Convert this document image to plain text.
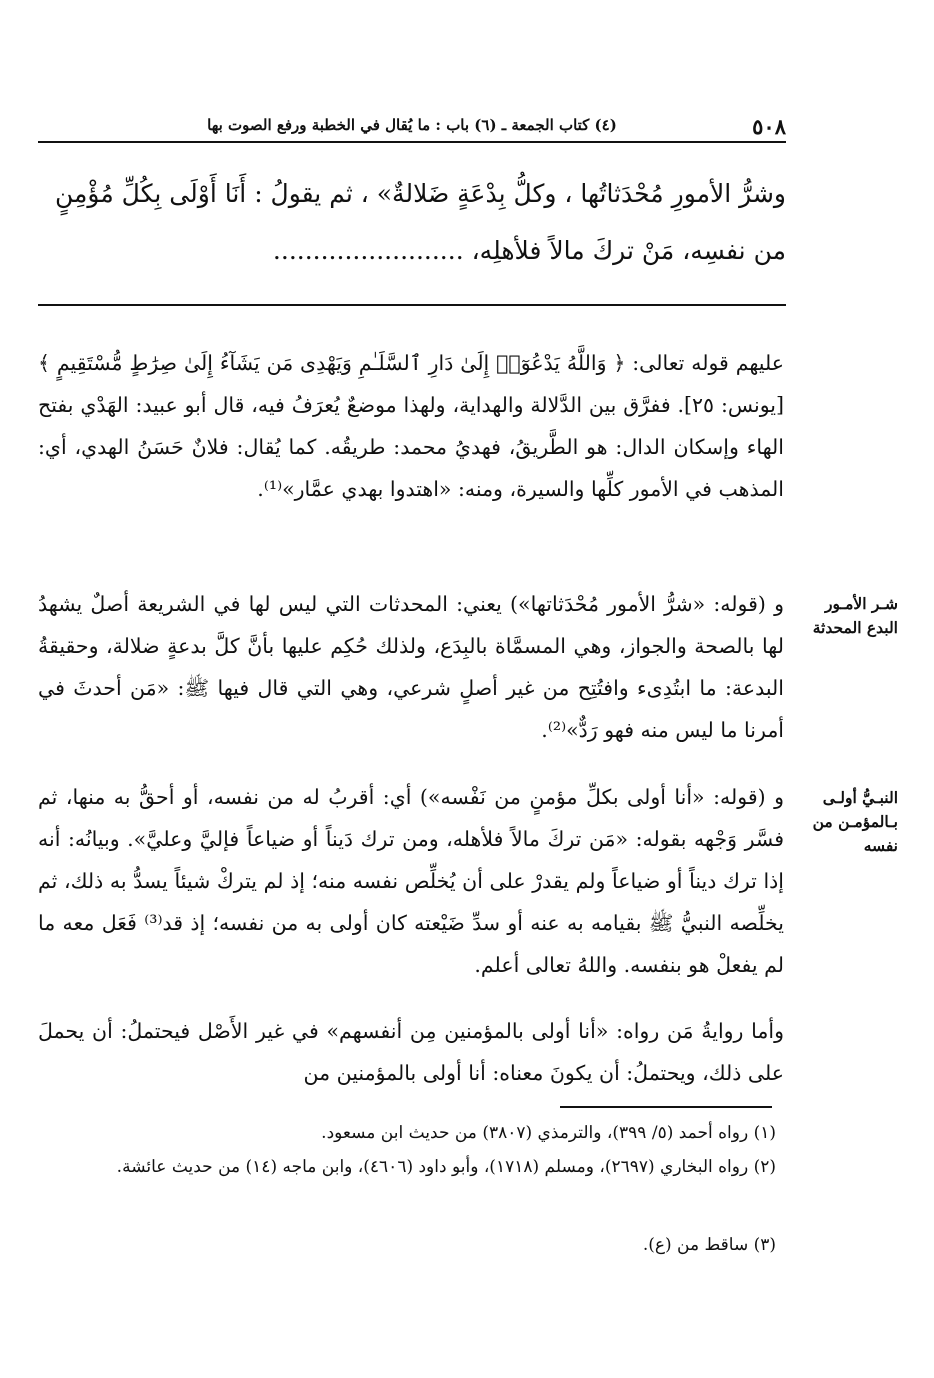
٥٠٨
(٤) كتاب الجمعة ـ (٦) باب : ما يُقال في الخطبة ورفع الصوت بها

وشرُّ الأمورِ مُحْدَثاتُها ، وكلُّ بِدْعَةٍ ضَلالةٌ» ، ثم يقولُ : أَنَا أَوْلَى بِكُلِّ مُؤْمِنٍ

من نفسِه، مَنْ تركَ مالاً فلأهلِه، ........................

عليهم قوله تعالى: ﴿ وَاللَّهُ يَدْعُوٓا۟ إِلَىٰ دَارِ ٱلسَّلَـٰمِ وَيَهْدِى مَن يَشَآءُ إِلَىٰ صِرَٰطٍ مُّسْتَقِيمٍ ﴾ [يونس: ٢٥]. ففرَّق بين الدَّلالة والهداية، ولهذا موضعٌ يُعرَفُ فيه، قال أبو عبيد: الهَدْي بفتح الهاء وإسكان الدال: هو الطَّريقُ، فهديُ محمد: طريقُه. كما يُقال: فلانٌ حَسَنُ الهدي، أي: المذهب في الأمور كلِّها والسيرة، ومنه: «اهتدوا بهدي عمَّار»⁽¹⁾.

شـر الأمـور البدع المحدثة

و (قوله: «شرُّ الأمور مُحْدَثاتها») يعني: المحدثات التي ليس لها في الشريعة أصلٌ يشهدُ لها بالصحة والجواز، وهي المسمَّاة بالبِدَع، ولذلك حُكِم عليها بأنَّ كلَّ بدعةٍ ضلالة، وحقيقةُ البدعة: ما ابتُدِىء وافتُتِح من غير أصلٍ شرعي، وهي التي قال فيها ﷺ: «مَن أحدثَ في أمرنا ما ليس منه فهو رَدٌّ»⁽²⁾.

النبـيُّ أولـى بـالمؤمـن من نفسه

و (قوله: «أنا أولى بكلِّ مؤمنٍ من نَفْسه») أي: أقربُ له من نفسه، أو أحقُّ به منها، ثم فسَّر وَجْهه بقوله: «مَن تركَ مالاً فلأهله، ومن ترك دَيناً أو ضياعاً فإليَّ وعليَّ». وبيانُه: أنه إذا ترك ديناً أو ضياعاً ولم يقدرْ على أن يُخلِّص نفسه منه؛ إذ لم يتركْ شيئاً يسدُّ به ذلك، ثم يخلِّصه النبيُّ ﷺ بقيامه به عنه أو سدِّ ضَيْعته كان أولى به من نفسه؛ إذ قد⁽³⁾ فَعَل معه ما لم يفعلْ هو بنفسه. واللهُ تعالى أعلم.

وأما روايةُ مَن رواه: «أنا أولى بالمؤمنين مِن أنفسهم» في غير الأَصْل فيحتملُ: أن يحملَ على ذلك، ويحتملُ: أن يكونَ معناه: أنا أولى بالمؤمنين من

(١) رواه أحمد (٥/ ٣٩٩)، والترمذي (٣٨٠٧) من حديث ابن مسعود.

(٢) رواه البخاري (٢٦٩٧)، ومسلم (١٧١٨)، وأبو داود (٤٦٠٦)، وابن ماجه (١٤) من حديث عائشة.

(٣) ساقط من (ع).
